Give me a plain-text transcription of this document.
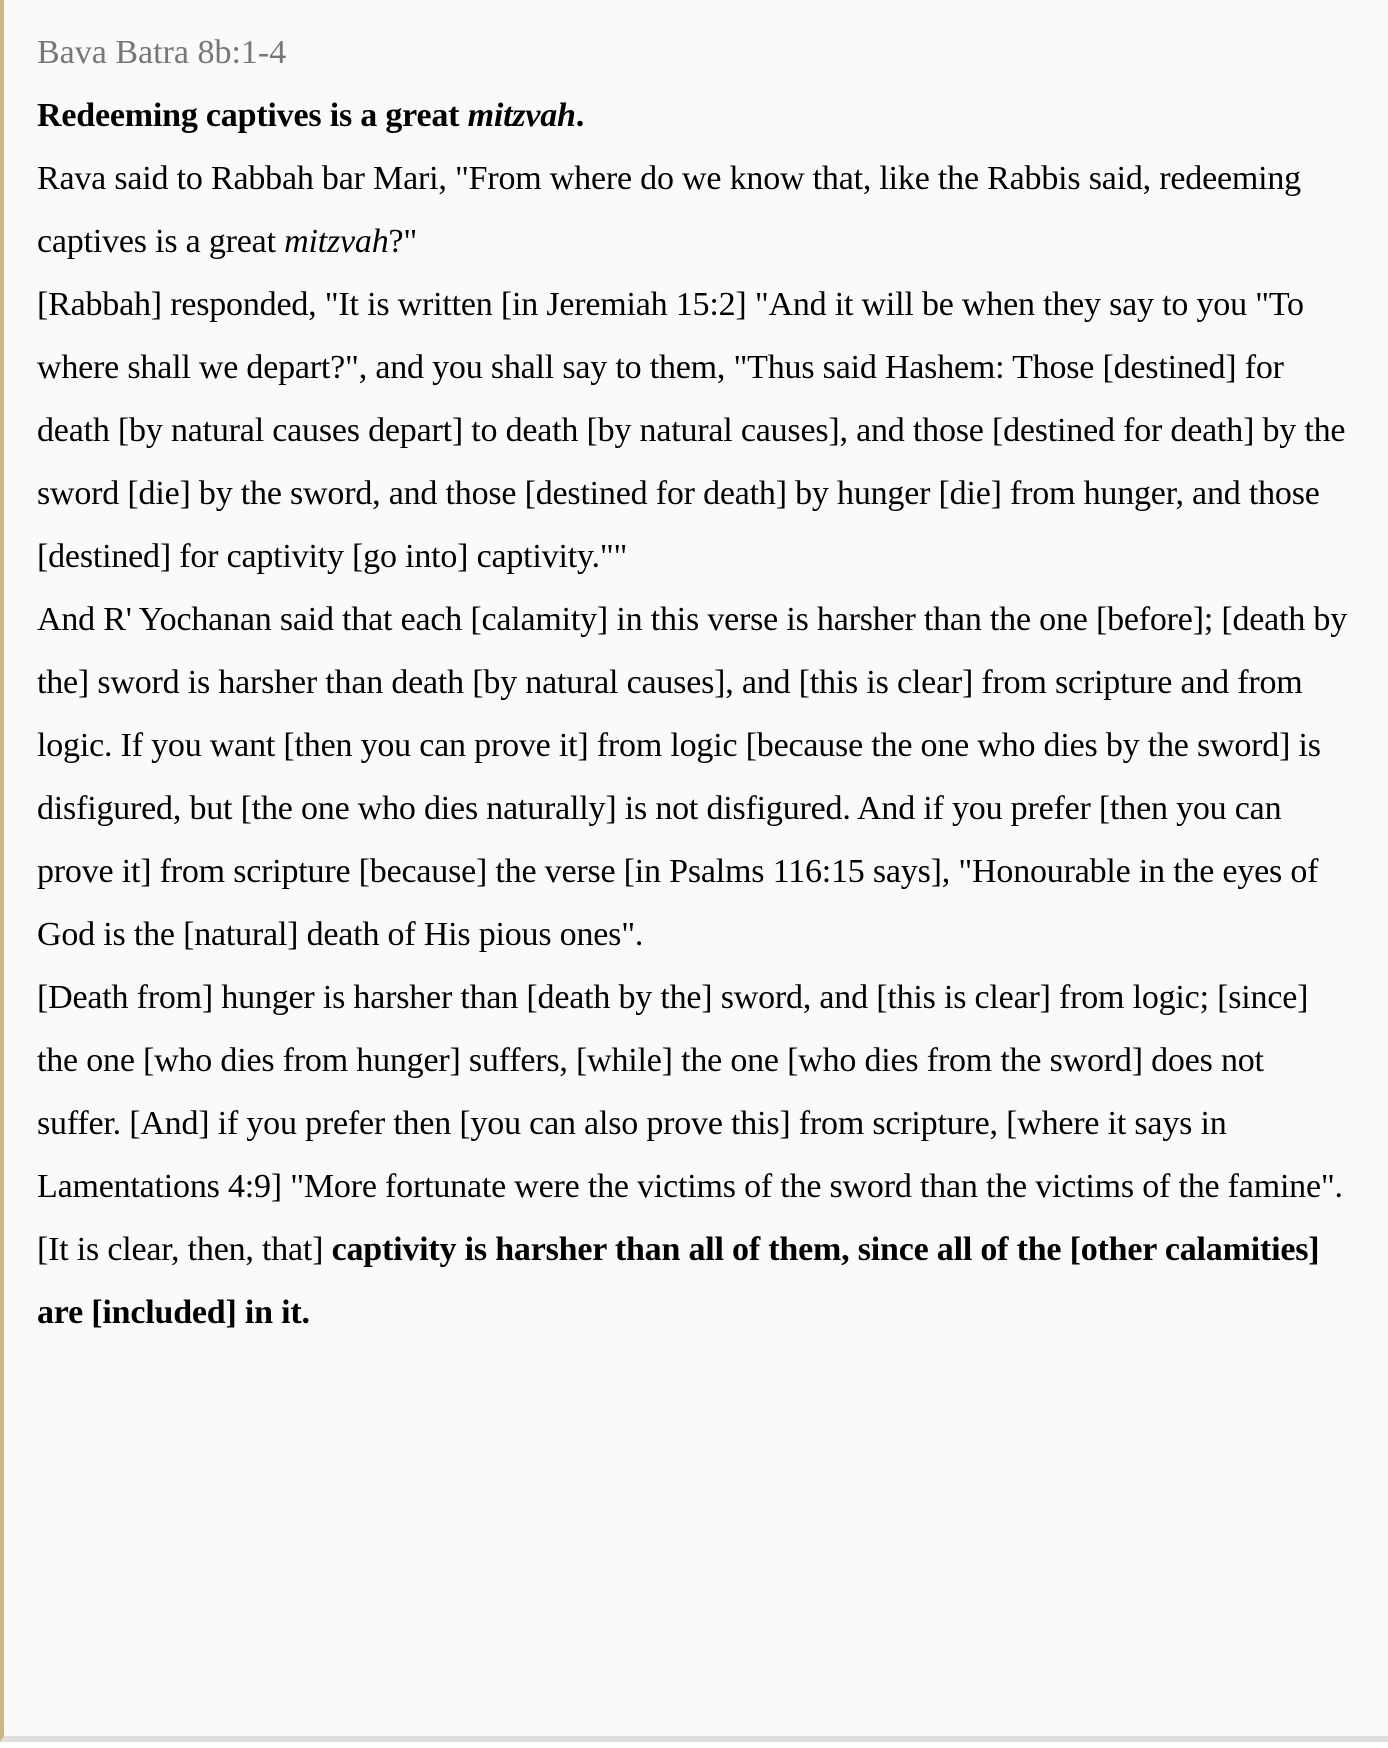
Bava Batra 8b:1-4

Redeeming captives is a great mitzvah.

Rava said to Rabbah bar Mari, "From where do we know that, like the Rabbis said, redeeming captives is a great mitzvah?"

[Rabbah] responded, "It is written [in Jeremiah 15:2] "And it will be when they say to you "To where shall we depart?", and you shall say to them, "Thus said Hashem: Those [destined] for death [by natural causes depart] to death [by natural causes], and those [destined for death] by the sword [die] by the sword, and those [destined for death] by hunger [die] from hunger, and those [destined] for captivity [go into] captivity.""

And R' Yochanan said that each [calamity] in this verse is harsher than the one [before]; [death by the] sword is harsher than death [by natural causes], and [this is clear] from scripture and from logic. If you want [then you can prove it] from logic [because the one who dies by the sword] is disfigured, but [the one who dies naturally] is not disfigured. And if you prefer [then you can prove it] from scripture [because] the verse [in Psalms 116:15 says], "Honourable in the eyes of God is the [natural] death of His pious ones".

[Death from] hunger is harsher than [death by the] sword, and [this is clear] from logic; [since] the one [who dies from hunger] suffers, [while] the one [who dies from the sword] does not suffer. [And] if you prefer then [you can also prove this] from scripture, [where it says in Lamentations 4:9] "More fortunate were the victims of the sword than the victims of the famine".

[It is clear, then, that] captivity is harsher than all of them, since all of the [other calamities] are [included] in it.
